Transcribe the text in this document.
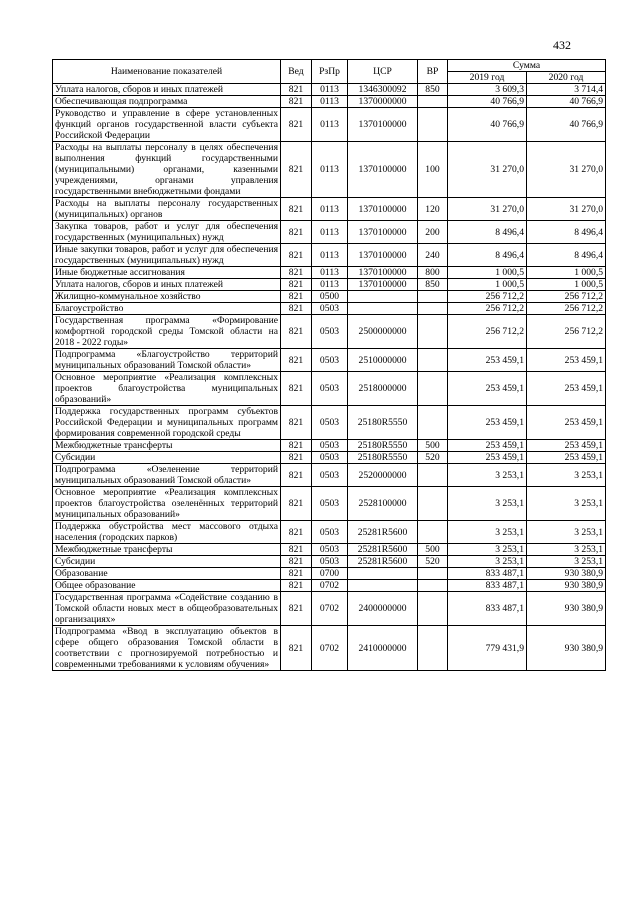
432
Наименование показателей	Вед	РзПр	ЦСР	ВР	Сумма	
					2019 год	2020 год
Уплата налогов, сборов и иных платежей	821	0113	1346300092	850	3 609,3	3 714,4
Обеспечивающая подпрограмма	821	0113	1370000000		40 766,9	40 766,9
Руководство и управление в сфере установленных функций органов государственной власти субъекта Российской Федерации	821	0113	1370100000		40 766,9	40 766,9
Расходы на выплаты персоналу в целях обеспечения выполнения функций государственными (муниципальными) органами, казенными учреждениями, органами управления государственными внебюджетными фондами	821	0113	1370100000	100	31 270,0	31 270,0
Расходы на выплаты персоналу государственных (муниципальных) органов	821	0113	1370100000	120	31 270,0	31 270,0
Закупка товаров, работ и услуг для обеспечения государственных (муниципальных) нужд	821	0113	1370100000	200	8 496,4	8 496,4
Иные закупки товаров, работ и услуг для обеспечения государственных (муниципальных) нужд	821	0113	1370100000	240	8 496,4	8 496,4
Иные бюджетные ассигнования	821	0113	1370100000	800	1 000,5	1 000,5
Уплата налогов, сборов и иных платежей	821	0113	1370100000	850	1 000,5	1 000,5
Жилищно-коммунальное хозяйство	821	0500			256 712,2	256 712,2
Благоустройство	821	0503			256 712,2	256 712,2
Государственная программа «Формирование комфортной городской среды Томской области на 2018 - 2022 годы»	821	0503	2500000000		256 712,2	256 712,2
Подпрограмма «Благоустройство территорий муниципальных образований Томской области»	821	0503	2510000000		253 459,1	253 459,1
Основное мероприятие «Реализация комплексных проектов благоустройства муниципальных образований»	821	0503	2518000000		253 459,1	253 459,1
Поддержка государственных программ субъектов Российской Федерации и муниципальных программ формирования современной городской среды	821	0503	25180R5550		253 459,1	253 459,1
Межбюджетные трансферты	821	0503	25180R5550	500	253 459,1	253 459,1
Субсидии	821	0503	25180R5550	520	253 459,1	253 459,1
Подпрограмма «Озеленение территорий муниципальных образований Томской области»	821	0503	2520000000		3 253,1	3 253,1
Основное мероприятие «Реализация комплексных проектов благоустройства озеленённых территорий муниципальных образований»	821	0503	2528100000		3 253,1	3 253,1
Поддержка обустройства мест массового отдыха населения (городских парков)	821	0503	25281R5600		3 253,1	3 253,1
Межбюджетные трансферты	821	0503	25281R5600	500	3 253,1	3 253,1
Субсидии	821	0503	25281R5600	520	3 253,1	3 253,1
Образование	821	0700			833 487,1	930 380,9
Общее образование	821	0702			833 487,1	930 380,9
Государственная программа «Содействие созданию в Томской области новых мест в общеобразовательных организациях»	821	0702	2400000000		833 487,1	930 380,9
Подпрограмма «Ввод в эксплуатацию объектов в сфере общего образования Томской области в соответствии с прогнозируемой потребностью и современными требованиями к условиям обучения»	821	0702	2410000000		779 431,9	930 380,9
